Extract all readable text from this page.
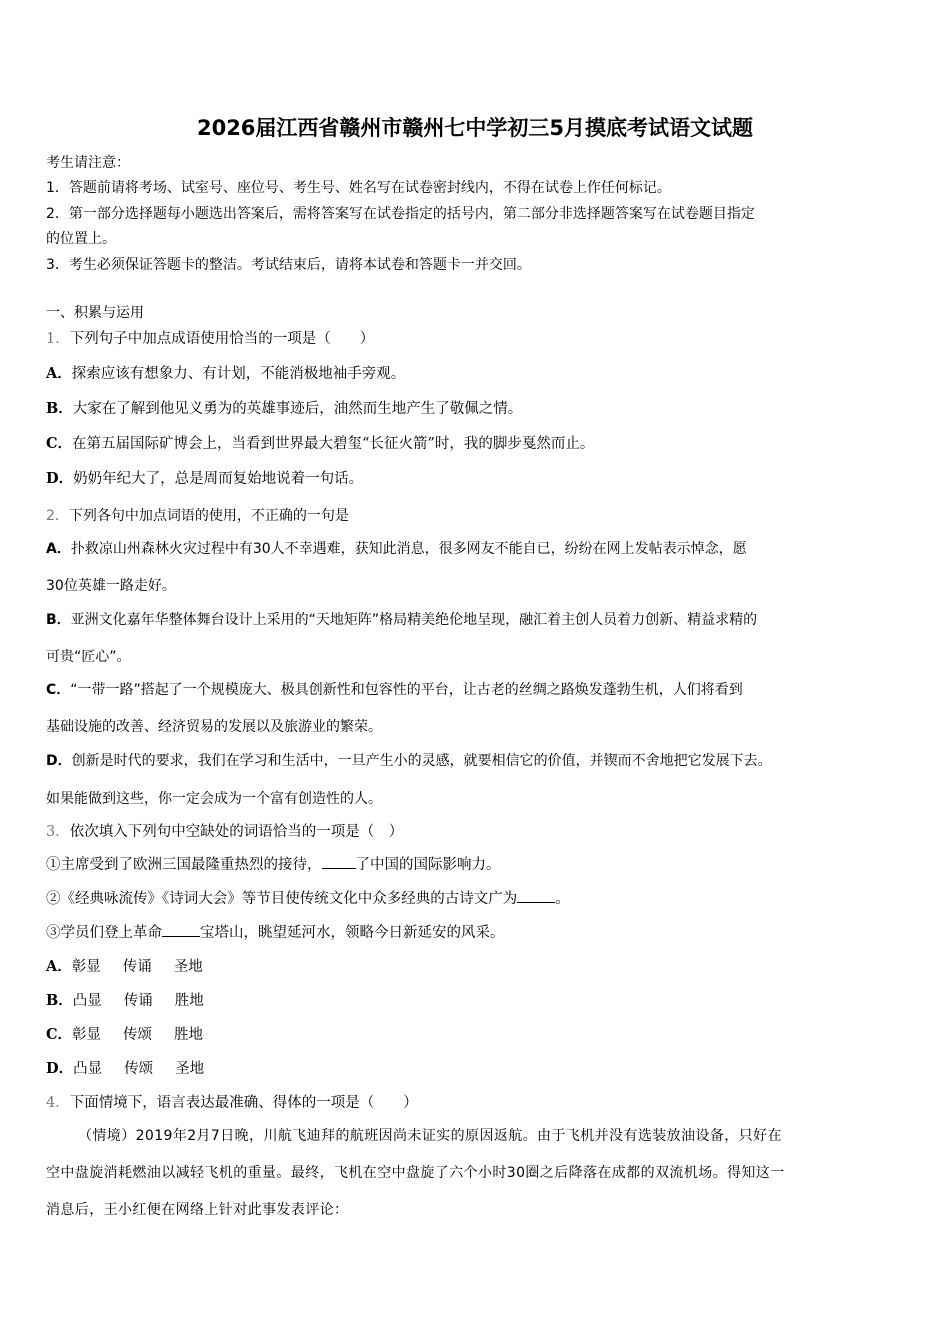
2026届江西省赣州市赣州七中学初三5月摸底考试语文试题
考生请注意：
1．答题前请将考场、试室号、座位号、考生号、姓名写在试卷密封线内，不得在试卷上作任何标记。
2．第一部分选择题每小题选出答案后，需将答案写在试卷指定的括号内，第二部分非选择题答案写在试卷题目指定
的位置上。
3．考生必须保证答题卡的整洁。考试结束后，请将本试卷和答题卡一并交回。
一、积累与运用
1．下列句子中加点成语使用恰当的一项是（　　）
A．探索应该有想象力、有计划，不能消极地袖手旁观。
B．大家在了解到他见义勇为的英雄事迹后，油然而生地产生了敬佩之情。
C．在第五届国际矿博会上，当看到世界最大碧玺“长征火箭”时，我的脚步戛然而止。
D．奶奶年纪大了，总是周而复始地说着一句话。
2．下列各句中加点词语的使用，不正确的一句是
A．扑救凉山州森林火灾过程中有30人不幸遇难，获知此消息，很多网友不能自已，纷纷在网上发帖表示悼念，愿
30位英雄一路走好。
B．亚洲文化嘉年华整体舞台设计上采用的“天地矩阵”格局精美绝伦地呈现，融汇着主创人员着力创新、精益求精的
可贵“匠心”。
C．“一带一路”搭起了一个规模庞大、极具创新性和包容性的平台，让古老的丝绸之路焕发蓬勃生机，人们将看到
基础设施的改善、经济贸易的发展以及旅游业的繁荣。
D．创新是时代的要求，我们在学习和生活中，一旦产生小的灵感，就要相信它的价值，并锲而不舍地把它发展下去。
如果能做到这些，你一定会成为一个富有创造性的人。
3．依次填入下列句中空缺处的词语恰当的一项是（　）
①主席受到了欧洲三国最隆重热烈的接待， 了中国的国际影响力。
②《经典咏流传》《诗词大会》等节目使传统文化中众多经典的古诗文广为	。
③学员们登上革命	宝塔山，眺望延河水，领略今日新延安的风采。
A．彰显 传诵 圣地
B．凸显 传诵 胜地
C．彰显 传颂 胜地
D．凸显 传颂 圣地
4．下面情境下，语言表达最准确、得体的一项是（　　）
（情境）2019年2月7日晚，川航飞迪拜的航班因尚未证实的原因返航。由于飞机并没有选装放油设备，只好在
空中盘旋消耗燃油以减轻飞机的重量。最终，飞机在空中盘旋了六个小时30圈之后降落在成都的双流机场。得知这一
消息后，王小红便在网络上针对此事发表评论：
